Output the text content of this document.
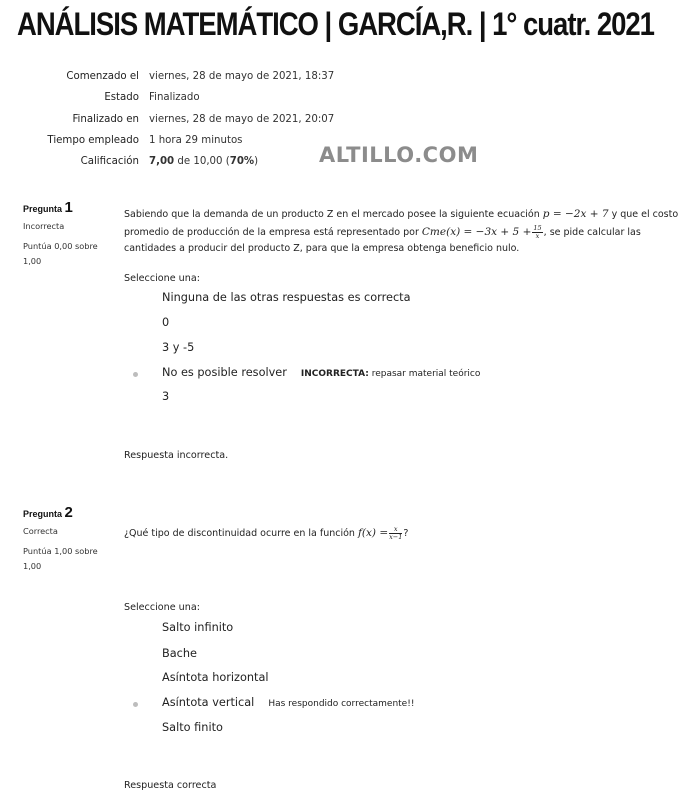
ANÁLISIS MATEMÁTICO | GARCÍA,R. | 1° cuatr. 2021
Comenzado el viernes, 28 de mayo de 2021, 18:37
Estado Finalizado
Finalizado en viernes, 28 de mayo de 2021, 20:07
Tiempo empleado 1 hora 29 minutos
Calificación 7,00 de 10,00 (70%)	ALTILLO.COM
Pregunta 1
Incorrecta
Puntúa 0,00 sobre 1,00
Sabiendo que la demanda de un producto Z en el mercado posee la siguiente ecuación p = −2x + 7 y que el costo promedio de producción de la empresa está representado por $Cme(x) = -3x + 5 + \frac{15}{x}$ , se pide calcular las cantidades a producir del producto Z, para que la empresa obtenga beneficio nulo.
Seleccione una:
Ninguna de las otras respuestas es correcta
0
3 y -5
No es posible resolver INCORRECTA: repasar material teórico
3
Respuesta incorrecta.
Pregunta 2
Correcta
Puntúa 1,00 sobre 1,00
¿Qué tipo de discontinuidad ocurre en la función $f(x) = \frac{x}{x-1}$ ?
Seleccione una:
Salto infinito
Bache
Asíntota horizontal
Asíntota vertical Has respondido correctamente!!
Salto finito
Respuesta correcta
